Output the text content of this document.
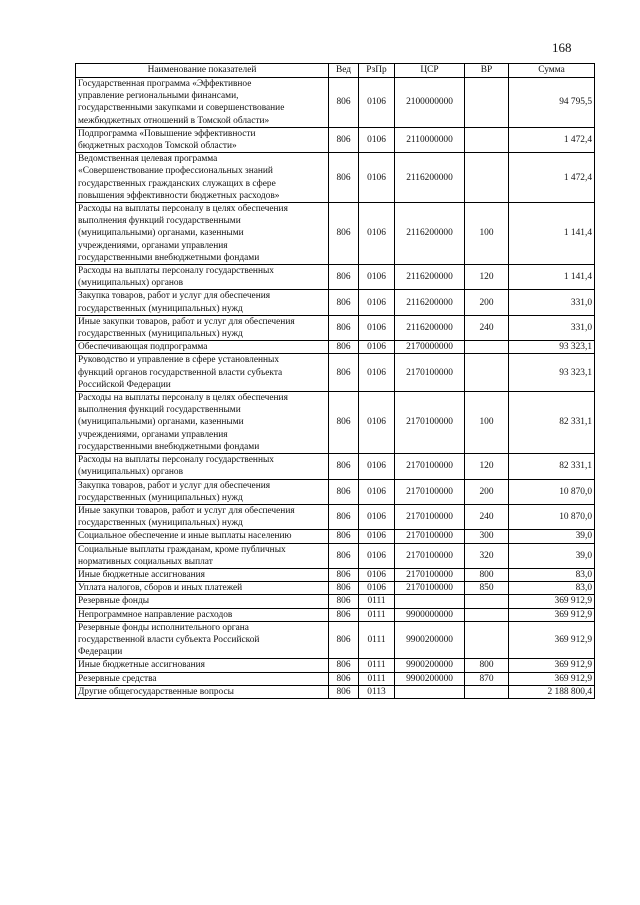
168
Наименование показателей	Вед	РзПр	ЦСР	ВР	Сумма
Государственная программа «Эффективное
управление региональными финансами,
государственными закупками и совершенствование
межбюджетных отношений в Томской области»	806	0106	2100000000		94 795,5
Подпрограмма «Повышение эффективности
бюджетных расходов Томской области»	806	0106	2110000000		1 472,4
Ведомственная целевая программа
«Совершенствование профессиональных знаний
государственных гражданских служащих в сфере
повышения эффективности бюджетных расходов»	806	0106	2116200000		1 472,4
Расходы на выплаты персоналу в целях обеспечения
выполнения функций государственными
(муниципальными) органами, казенными
учреждениями, органами управления
государственными внебюджетными фондами	806	0106	2116200000	100	1 141,4
Расходы на выплаты персоналу государственных
(муниципальных) органов	806	0106	2116200000	120	1 141,4
Закупка товаров, работ и услуг для обеспечения
государственных (муниципальных) нужд	806	0106	2116200000	200	331,0
Иные закупки товаров, работ и услуг для обеспечения
государственных (муниципальных) нужд	806	0106	2116200000	240	331,0
Обеспечивающая подпрограмма	806	0106	2170000000		93 323,1
Руководство и управление в сфере установленных
функций органов государственной власти субъекта
Российской Федерации	806	0106	2170100000		93 323,1
Расходы на выплаты персоналу в целях обеспечения
выполнения функций государственными
(муниципальными) органами, казенными
учреждениями, органами управления
государственными внебюджетными фондами	806	0106	2170100000	100	82 331,1
Расходы на выплаты персоналу государственных
(муниципальных) органов	806	0106	2170100000	120	82 331,1
Закупка товаров, работ и услуг для обеспечения
государственных (муниципальных) нужд	806	0106	2170100000	200	10 870,0
Иные закупки товаров, работ и услуг для обеспечения
государственных (муниципальных) нужд	806	0106	2170100000	240	10 870,0
Социальное обеспечение и иные выплаты населению	806	0106	2170100000	300	39,0
Социальные выплаты гражданам, кроме публичных
нормативных социальных выплат	806	0106	2170100000	320	39,0
Иные бюджетные ассигнования	806	0106	2170100000	800	83,0
Уплата налогов, сборов и иных платежей	806	0106	2170100000	850	83,0
Резервные фонды	806	0111			369 912,9
Непрограммное направление расходов	806	0111	9900000000		369 912,9
Резервные фонды исполнительного органа
государственной власти субъекта Российской
Федерации	806	0111	9900200000		369 912,9
Иные бюджетные ассигнования	806	0111	9900200000	800	369 912,9
Резервные средства	806	0111	9900200000	870	369 912,9
Другие общегосударственные вопросы	806	0113			2 188 800,4
